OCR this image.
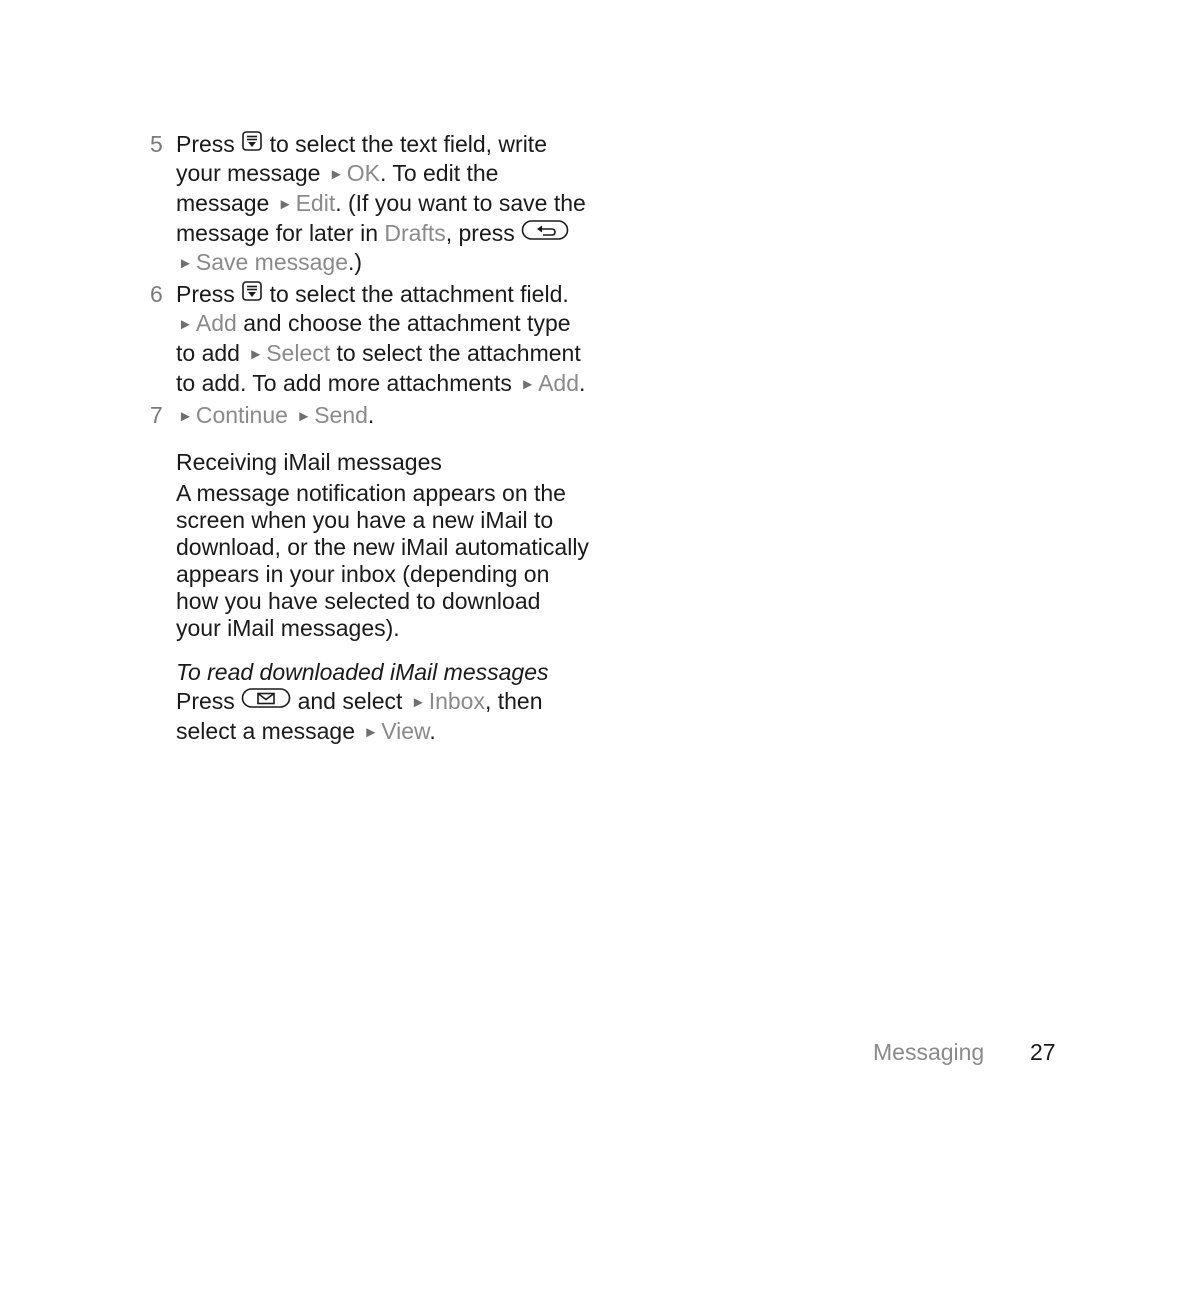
5 Press to select the text field, write your message ► OK. To edit the message ► Edit. (If you want to save the message for later in Drafts, press  ► Save message.)
6 Press to select the attachment field. ► Add and choose the attachment type to add ► Select to select the attachment to add. To add more attachments ► Add.
7 ► Continue ► Send.
Receiving iMail messages
A message notification appears on the screen when you have a new iMail to download, or the new iMail automatically appears in your inbox (depending on how you have selected to download your iMail messages).
To read downloaded iMail messages
Press	and select ► Inbox, then select a message ► View.
Messaging 27
